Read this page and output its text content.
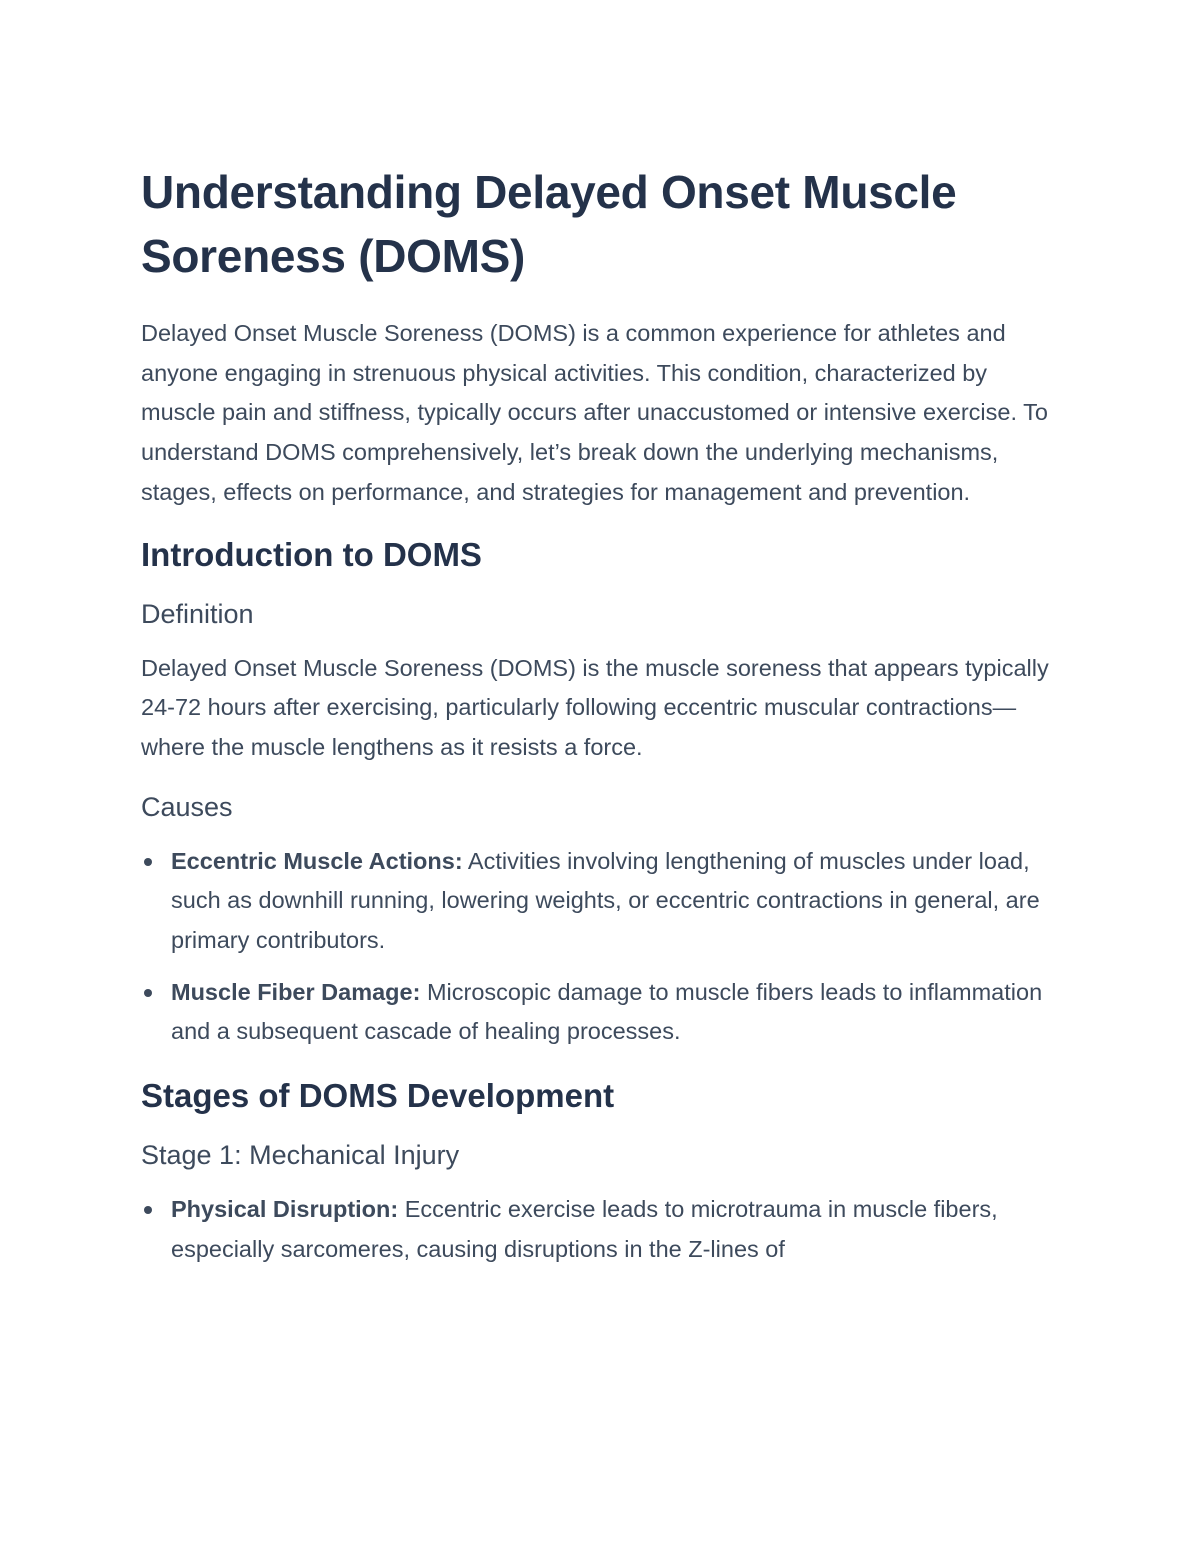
Understanding Delayed Onset Muscle Soreness (DOMS)

Delayed Onset Muscle Soreness (DOMS) is a common experience for athletes and anyone engaging in strenuous physical activities. This condition, characterized by muscle pain and stiffness, typically occurs after unaccustomed or intensive exercise. To understand DOMS comprehensively, let’s break down the underlying mechanisms, stages, effects on performance, and strategies for management and prevention.

Introduction to DOMS
Definition

Delayed Onset Muscle Soreness (DOMS) is the muscle soreness that appears typically 24-72 hours after exercising, particularly following eccentric muscular contractions—where the muscle lengthens as it resists a force.

Causes
Eccentric Muscle Actions: Activities involving lengthening of muscles under load, such as downhill running, lowering weights, or eccentric contractions in general, are primary contributors.
Muscle Fiber Damage: Microscopic damage to muscle fibers leads to inflammation and a subsequent cascade of healing processes.
Stages of DOMS Development
Stage 1: Mechanical Injury
Physical Disruption: Eccentric exercise leads to microtrauma in muscle fibers, especially sarcomeres, causing disruptions in the Z-lines of
